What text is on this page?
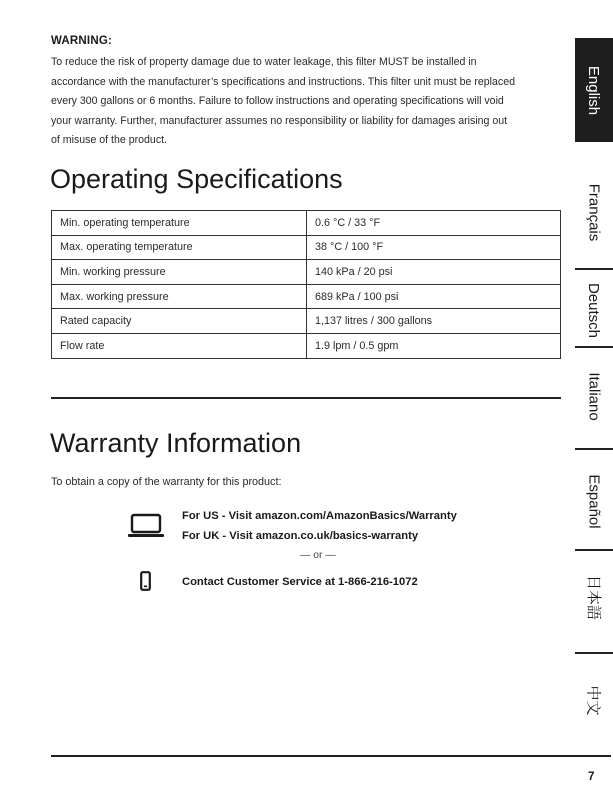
WARNING:
To reduce the risk of property damage due to water leakage, this filter MUST be installed in
accordance with the manufacturer’s specifications and instructions. This filter unit must be replaced
every 300 gallons or 6 months. Failure to follow instructions and operating specifications will void
your warranty. Further, manufacturer assumes no responsibility or liability for damages arising out
of misuse of the product.
Operating Specifications
Min. operating temperature	0.6 °C / 33 °F
Max. operating temperature	38 °C / 100 °F
Min. working pressure	140 kPa / 20 psi
Max. working pressure	689 kPa / 100 psi
Rated capacity	1,137 litres / 300 gallons
Flow rate	1.9 lpm / 0.5 gpm
Warranty Information
To obtain a copy of the warranty for this product:
For US - Visit amazon.com/AmazonBasics/Warranty
For UK - Visit amazon.co.uk/basics-warranty
— or —
Contact Customer Service at 1-866-216-1072
7
English
Français
Deutsch
Italiano
Español
日本語
中文
